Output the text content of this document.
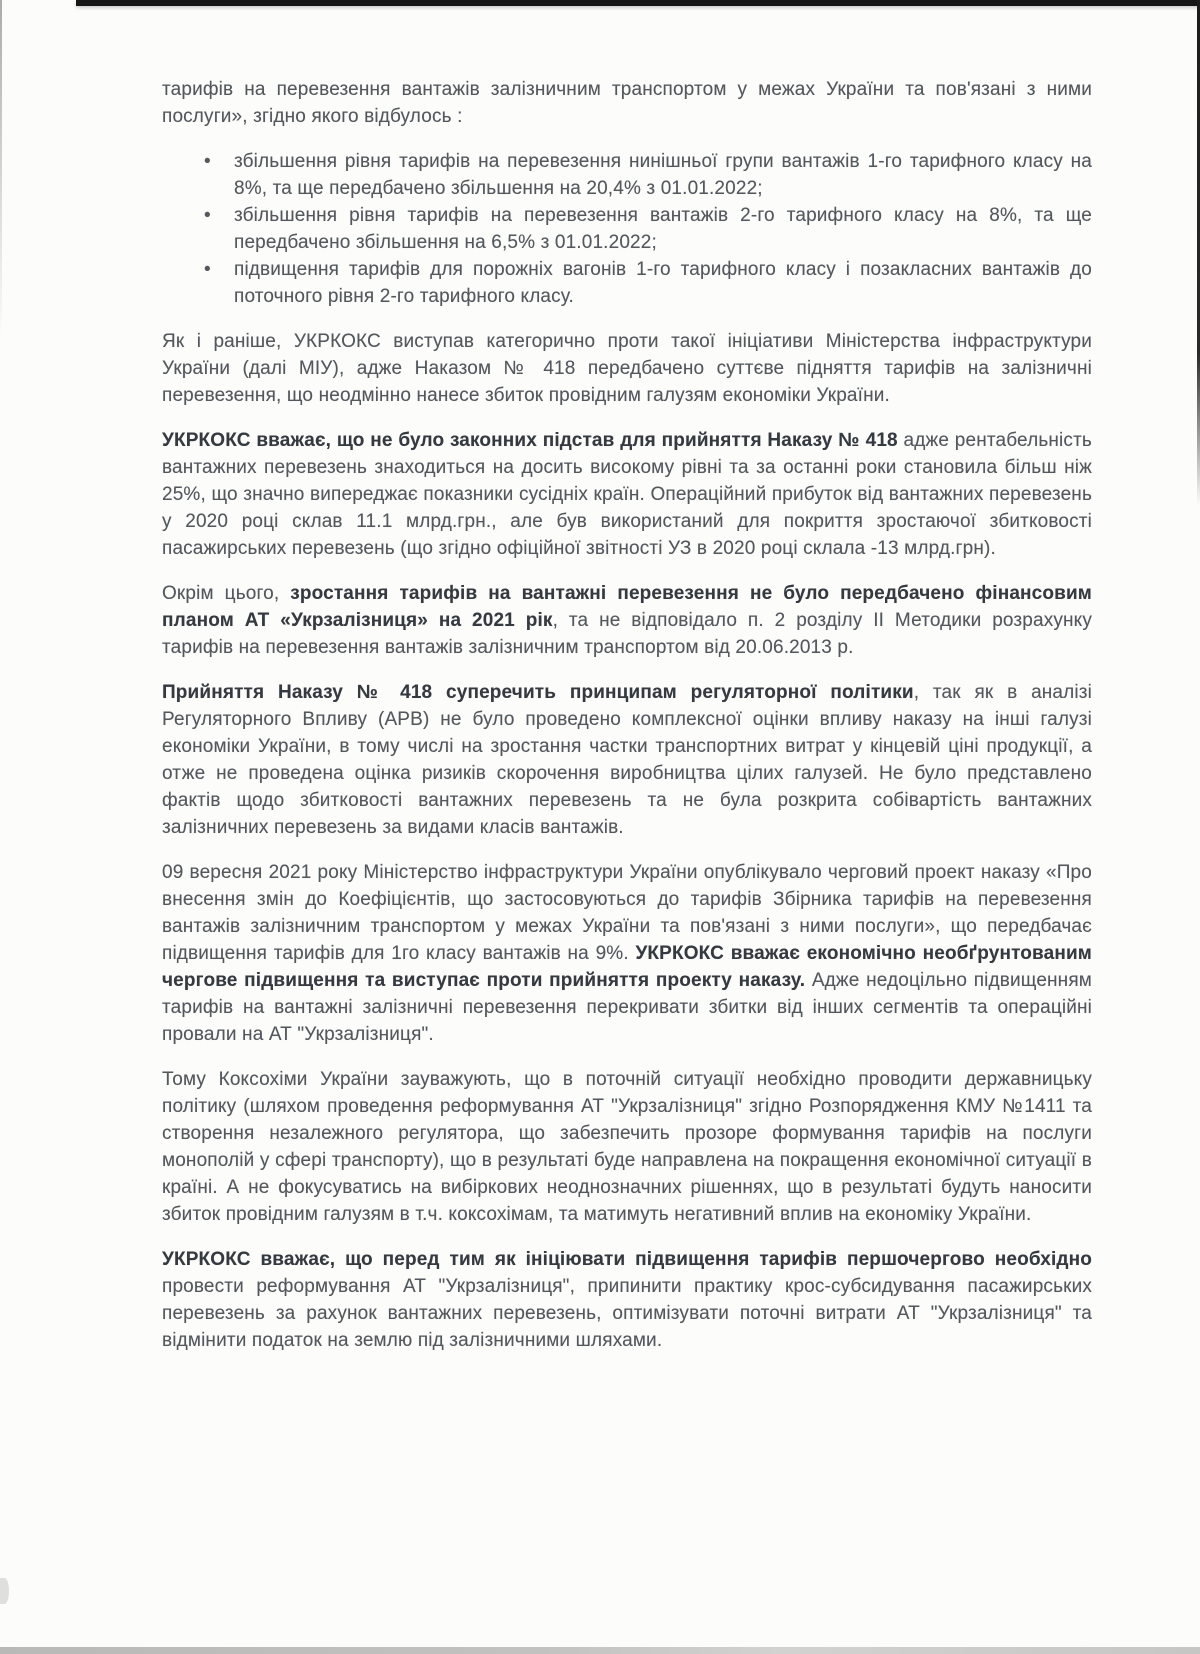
тарифів на перевезення вантажів залізничним транспортом у межах України та пов'язані з ними послуги», згідно якого відбулось :

• збільшення рівня тарифів на перевезення нинішньої групи вантажів 1-го тарифного класу на 8%, та ще передбачено збільшення на 20,4% з 01.01.2022;
• збільшення рівня тарифів на перевезення вантажів 2-го тарифного класу на 8%, та ще передбачено збільшення на 6,5% з 01.01.2022;
• підвищення тарифів для порожніх вагонів 1-го тарифного класу і позакласних вантажів до поточного рівня 2-го тарифного класу.

Як і раніше, УКРКОКС виступав категорично проти такої ініціативи Міністерства інфраструктури України (далі МІУ), адже Наказом № 418 передбачено суттєве підняття тарифів на залізничні перевезення, що неодмінно нанесе збиток провідним галузям економіки України.

УКРКОКС вважає, що не було законних підстав для прийняття Наказу № 418 адже рентабельність вантажних перевезень знаходиться на досить високому рівні та за останні роки становила більш ніж 25%, що значно випереджає показники сусідніх країн. Операційний прибуток від вантажних перевезень у 2020 році склав 11.1 млрд.грн., але був використаний для покриття зростаючої збитковості пасажирських перевезень (що згідно офіційної звітності УЗ в 2020 році склала -13 млрд.грн).

Окрім цього, зростання тарифів на вантажні перевезення не було передбачено фінансовим планом АТ «Укрзалізниця» на 2021 рік, та не відповідало п. 2 розділу ІІ Методики розрахунку тарифів на перевезення вантажів залізничним транспортом від 20.06.2013 р.

Прийняття Наказу № 418 суперечить принципам регуляторної політики, так як в аналізі Регуляторного Впливу (АРВ) не було проведено комплексної оцінки впливу наказу на інші галузі економіки України, в тому числі на зростання частки транспортних витрат у кінцевій ціні продукції, а отже не проведена оцінка ризиків скорочення виробництва цілих галузей. Не було представлено фактів щодо збитковості вантажних перевезень та не була розкрита собівартість вантажних залізничних перевезень за видами класів вантажів.

09 вересня 2021 року Міністерство інфраструктури України опублікувало черговий проект наказу «Про внесення змін до Коефіцієнтів, що застосовуються до тарифів Збірника тарифів на перевезення вантажів залізничним транспортом у межах України та пов'язані з ними послуги», що передбачає підвищення тарифів для 1го класу вантажів на 9%. УКРКОКС вважає економічно необґрунтованим чергове підвищення та виступає проти прийняття проекту наказу. Адже недоцільно підвищенням тарифів на вантажні залізничні перевезення перекривати збитки від інших сегментів та операційні провали на АТ "Укрзалізниця".

Тому Коксохіми України зауважують, що в поточній ситуації необхідно проводити державницьку політику (шляхом проведення реформування АТ "Укрзалізниця" згідно Розпорядження КМУ №1411 та створення незалежного регулятора, що забезпечить прозоре формування тарифів на послуги монополій у сфері транспорту), що в результаті буде направлена на покращення економічної ситуації в країні. А не фокусуватись на вибіркових неоднозначних рішеннях, що в результаті будуть наносити збиток провідним галузям в т.ч. коксохімам, та матимуть негативний вплив на економіку України.

УКРКОКС вважає, що перед тим як ініціювати підвищення тарифів першочергово необхідно провести реформування АТ "Укрзалізниця", припинити практику крос-субсидування пасажирських перевезень за рахунок вантажних перевезень, оптимізувати поточні витрати АТ "Укрзалізниця" та відмінити податок на землю під залізничними шляхами.
